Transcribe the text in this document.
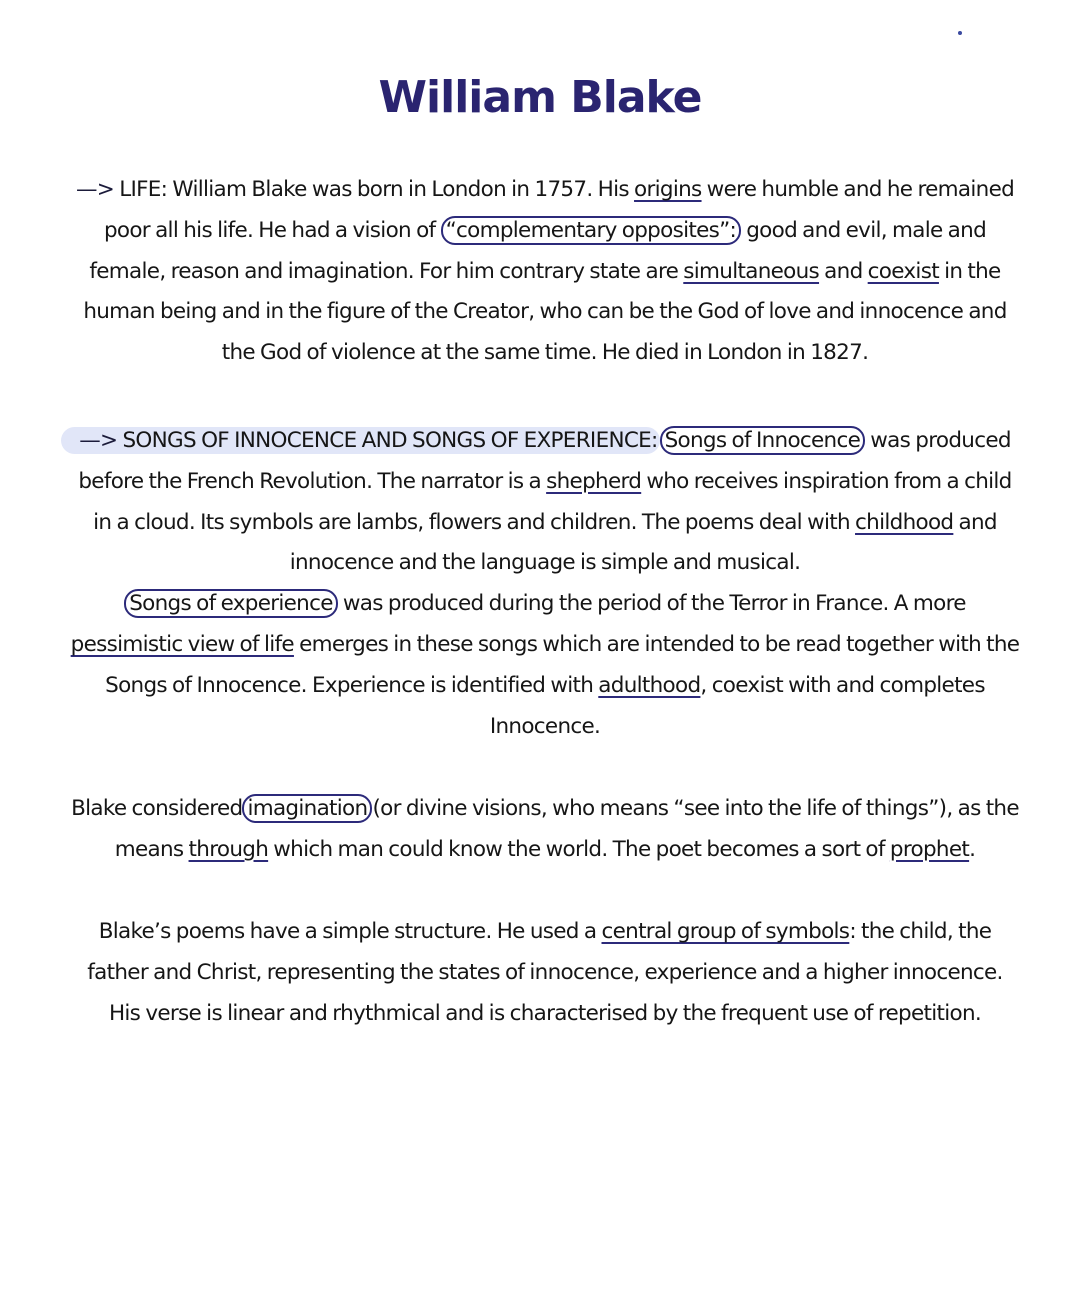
William Blake
—> LIFE: William Blake was born in London in 1757. His origins were humble and he remained poor all his life. He had a vision of “complementary opposites”: good and evil, male and female, reason and imagination. For him contrary state are simultaneous and coexist in the human being and in the figure of the Creator, who can be the God of love and innocence and the God of violence at the same time. He died in London in 1827.
—> SONGS OF INNOCENCE AND SONGS OF EXPERIENCE: Songs of Innocence was produced before the French Revolution. The narrator is a shepherd who receives inspiration from a child in a cloud. Its symbols are lambs, flowers and children. The poems deal with childhood and innocence and the language is simple and musical.
Songs of experience was produced during the period of the Terror in France. A more pessimistic view of life emerges in these songs which are intended to be read together with the Songs of Innocence. Experience is identified with adulthood, coexist with and completes Innocence.
Blake considered imagination (or divine visions, who means “see into the life of things”), as the means through which man could know the world. The poet becomes a sort of prophet.
Blake’s poems have a simple structure. He used a central group of symbols: the child, the father and Christ, representing the states of innocence, experience and a higher innocence. His verse is linear and rhythmical and is characterised by the frequent use of repetition.
